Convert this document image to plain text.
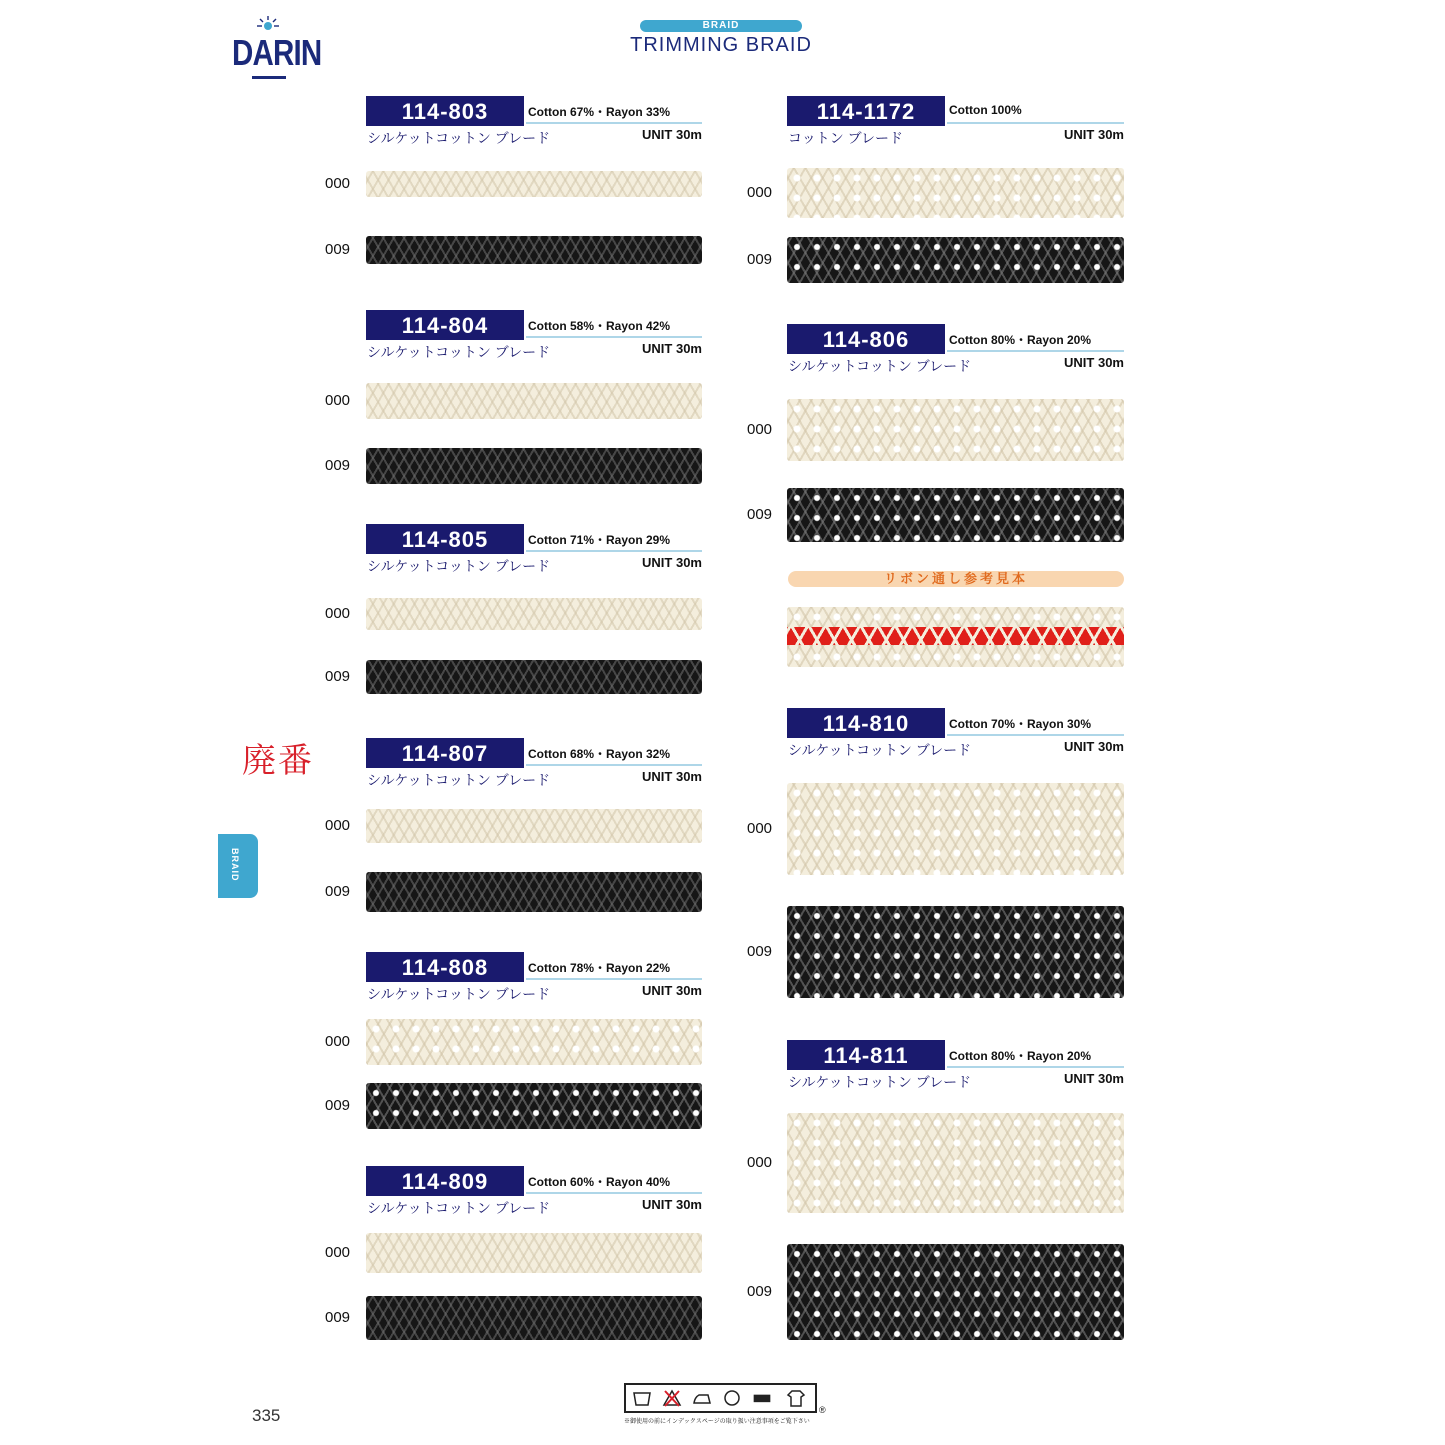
DARIN
BRAID
TRIMMING BRAID
114-803	Cotton 67%・Rayon 33%
シルケットコットン ブレード	UNIT 30m
000
009
114-804	Cotton 58%・Rayon 42%
シルケットコットン ブレード	UNIT 30m
000
009
114-805	Cotton 71%・Rayon 29%
シルケットコットン ブレード	UNIT 30m
000
009
114-807	Cotton 68%・Rayon 32%
シルケットコットン ブレード	UNIT 30m
000
009
114-808	Cotton 78%・Rayon 22%
シルケットコットン ブレード	UNIT 30m
000
009
114-809	Cotton 60%・Rayon 40%
シルケットコットン ブレード	UNIT 30m
000
009
114-1172	Cotton 100%
コットン ブレード	UNIT 30m
000
009
114-806	Cotton 80%・Rayon 20%
シルケットコットン ブレード	UNIT 30m
000
009
114-810	Cotton 70%・Rayon 30%
シルケットコットン ブレード	UNIT 30m
000
009
114-811	Cotton 80%・Rayon 20%
シルケットコットン ブレード	UNIT 30m
000
009
リボン通し参考見本
廃番
BRAID
335	※御使用の前にインデックスページの取り扱い注意事項をご覧下さい
®
